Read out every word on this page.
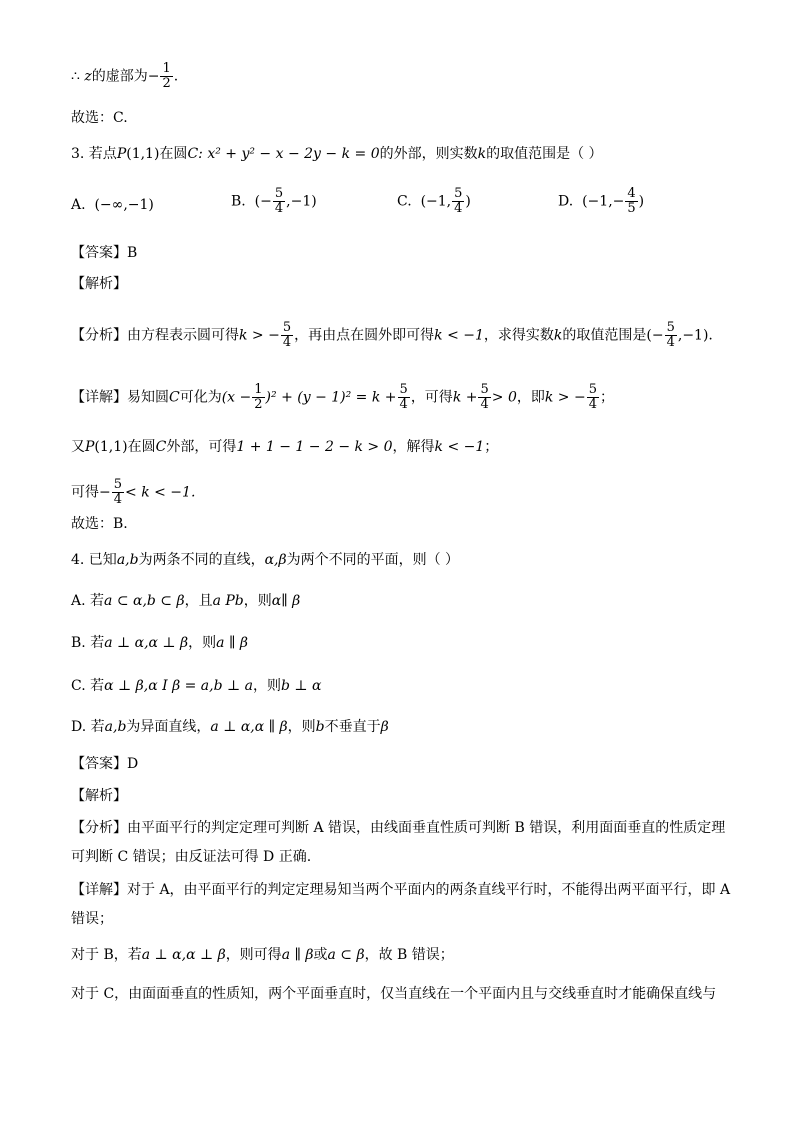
∴ z的虚部为− $\frac{1}{2}$ .
故选：C.
3. 若点P(1,1)在圆C: x² + y² − x − 2y − k = 0的外部，则实数k的取值范围是（ ）
A. (−∞,−1)	B. (− $\frac{5}{4} ,-1$)	C. (−1, $\frac{5}{4}$ )	D. ($-1,- \frac{4}{5}$ )
【答案】B
【解析】
【分析】由方程表示圆可得k > − $\frac{5}{4}$ ，再由点在圆外即可得k < −1，求得实数k的取值范围是(− $\frac{5}{4} ,-1$).
【详解】易知圆C可化为$(x - \frac{1}{2} )^2 + (y - 1)^2 = k + \frac{5}{4}$ ，可得$k + \frac{5}{4} > 0$，即k > − $\frac{5}{4}$ ；
又P(1,1)在圆C外部，可得1 + 1 − 1 − 2 − k > 0，解得k < −1；
可得− $\frac{5}{4} < k < -1$.
故选：B.
4. 已知a,b为两条不同的直线，α,β为两个不同的平面，则（ ）
A. 若a ⊂ α,b ⊂ β，且a Pb，则α∥ β
B. 若a ⊥ α,α ⊥ β，则a ∥ β
C. 若α ⊥ β,α I β = a,b ⊥ a，则b ⊥ α
D. 若a,b为异面直线，a ⊥ α,α ∥ β，则b不垂直于β
【答案】D
【解析】
【分析】由平面平行的判定定理可判断 A 错误，由线面垂直性质可判断 B 错误，利用面面垂直的性质定理
可判断 C 错误；由反证法可得 D 正确.
【详解】对于 A，由平面平行的判定定理易知当两个平面内的两条直线平行时，不能得出两平面平行，即 A
错误；
对于 B，若a ⊥ α,α ⊥ β，则可得a ∥ β或a ⊂ β，故 B 错误；
对于 C，由面面垂直的性质知，两个平面垂直时，仅当直线在一个平面内且与交线垂直时才能确保直线与
